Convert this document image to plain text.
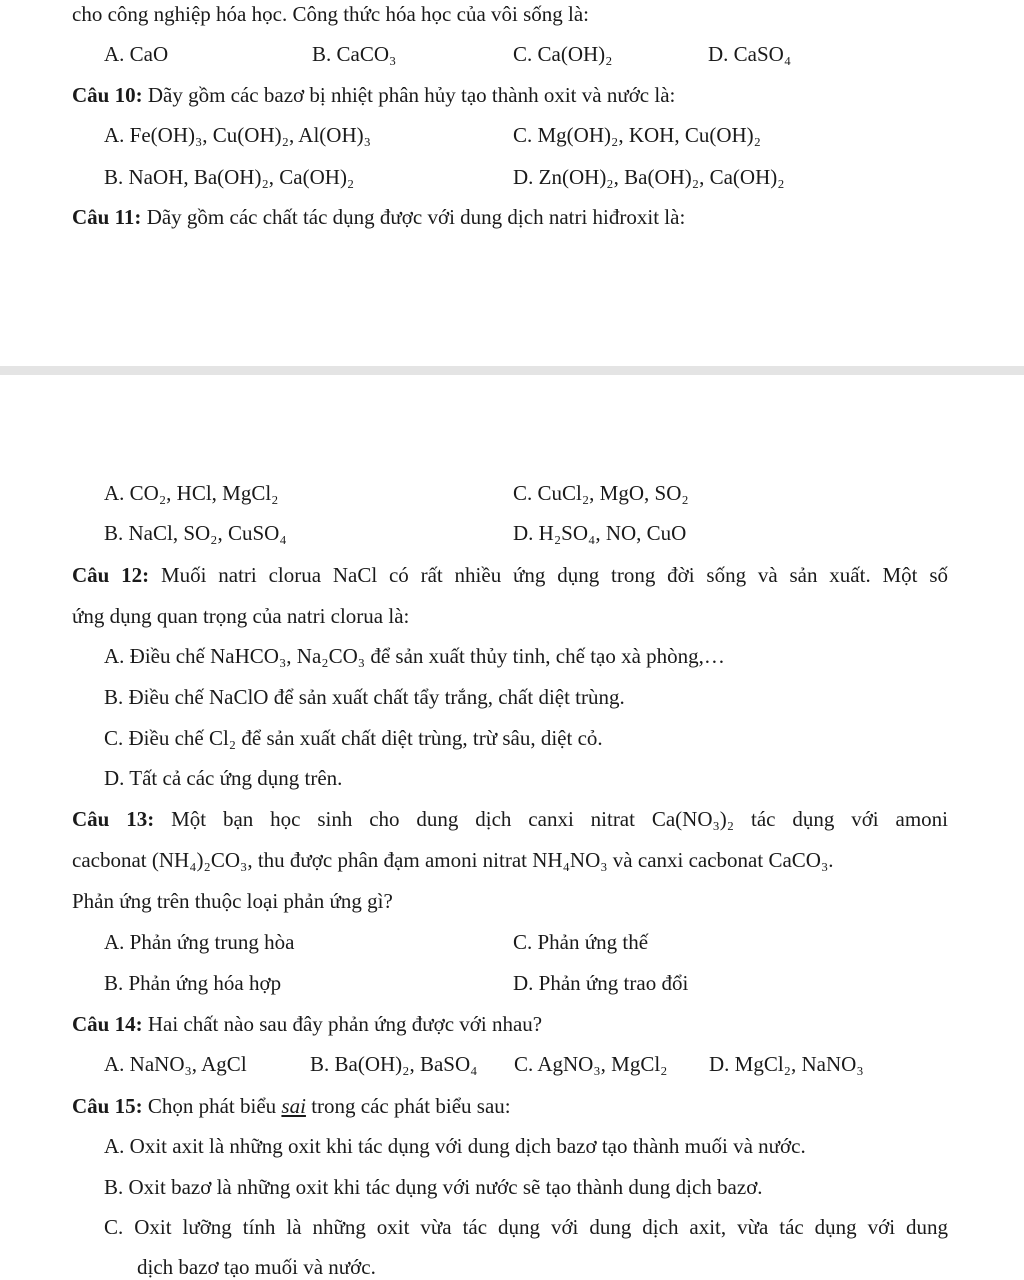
cho công nghiệp hóa học. Công thức hóa học của vôi sống là:
A. CaO	B. CaCO₃	C. Ca(OH)₂	D. CaSO₄
Câu 10: Dãy gồm các bazơ bị nhiệt phân hủy tạo thành oxit và nước là:
A. Fe(OH)₃, Cu(OH)₂, Al(OH)₃	C. Mg(OH)₂, KOH, Cu(OH)₂
B. NaOH, Ba(OH)₂, Ca(OH)₂	D. Zn(OH)₂, Ba(OH)₂, Ca(OH)₂
Câu 11: Dãy gồm các chất tác dụng được với dung dịch natri hiđroxit là:
A. CO₂, HCl, MgCl₂	C. CuCl₂, MgO, SO₂
B. NaCl, SO₂, CuSO₄	D. H₂SO₄, NO, CuO
Câu 12: Muối natri clorua NaCl có rất nhiều ứng dụng trong đời sống và sản xuất. Một số
ứng dụng quan trọng của natri clorua là:
A. Điều chế NaHCO₃, Na₂CO₃ để sản xuất thủy tinh, chế tạo xà phòng,…
B. Điều chế NaClO để sản xuất chất tẩy trắng, chất diệt trùng.
C. Điều chế Cl₂ để sản xuất chất diệt trùng, trừ sâu, diệt cỏ.
D. Tất cả các ứng dụng trên.
Câu 13: Một bạn học sinh cho dung dịch canxi nitrat Ca(NO₃)₂ tác dụng với amoni
cacbonat (NH₄)₂CO₃, thu được phân đạm amoni nitrat NH₄NO₃ và canxi cacbonat CaCO₃.
Phản ứng trên thuộc loại phản ứng gì?
A. Phản ứng trung hòa	C. Phản ứng thế
B. Phản ứng hóa hợp	D. Phản ứng trao đổi
Câu 14: Hai chất nào sau đây phản ứng được với nhau?
A. NaNO₃, AgCl	B. Ba(OH)₂, BaSO₄ C. AgNO₃, MgCl₂ D. MgCl₂, NaNO₃
Câu 15: Chọn phát biểu sai trong các phát biểu sau:
A. Oxit axit là những oxit khi tác dụng với dung dịch bazơ tạo thành muối và nước.
B. Oxit bazơ là những oxit khi tác dụng với nước sẽ tạo thành dung dịch bazơ.
C. Oxit lưỡng tính là những oxit vừa tác dụng với dung dịch axit, vừa tác dụng với dung
dịch bazơ tạo muối và nước.
